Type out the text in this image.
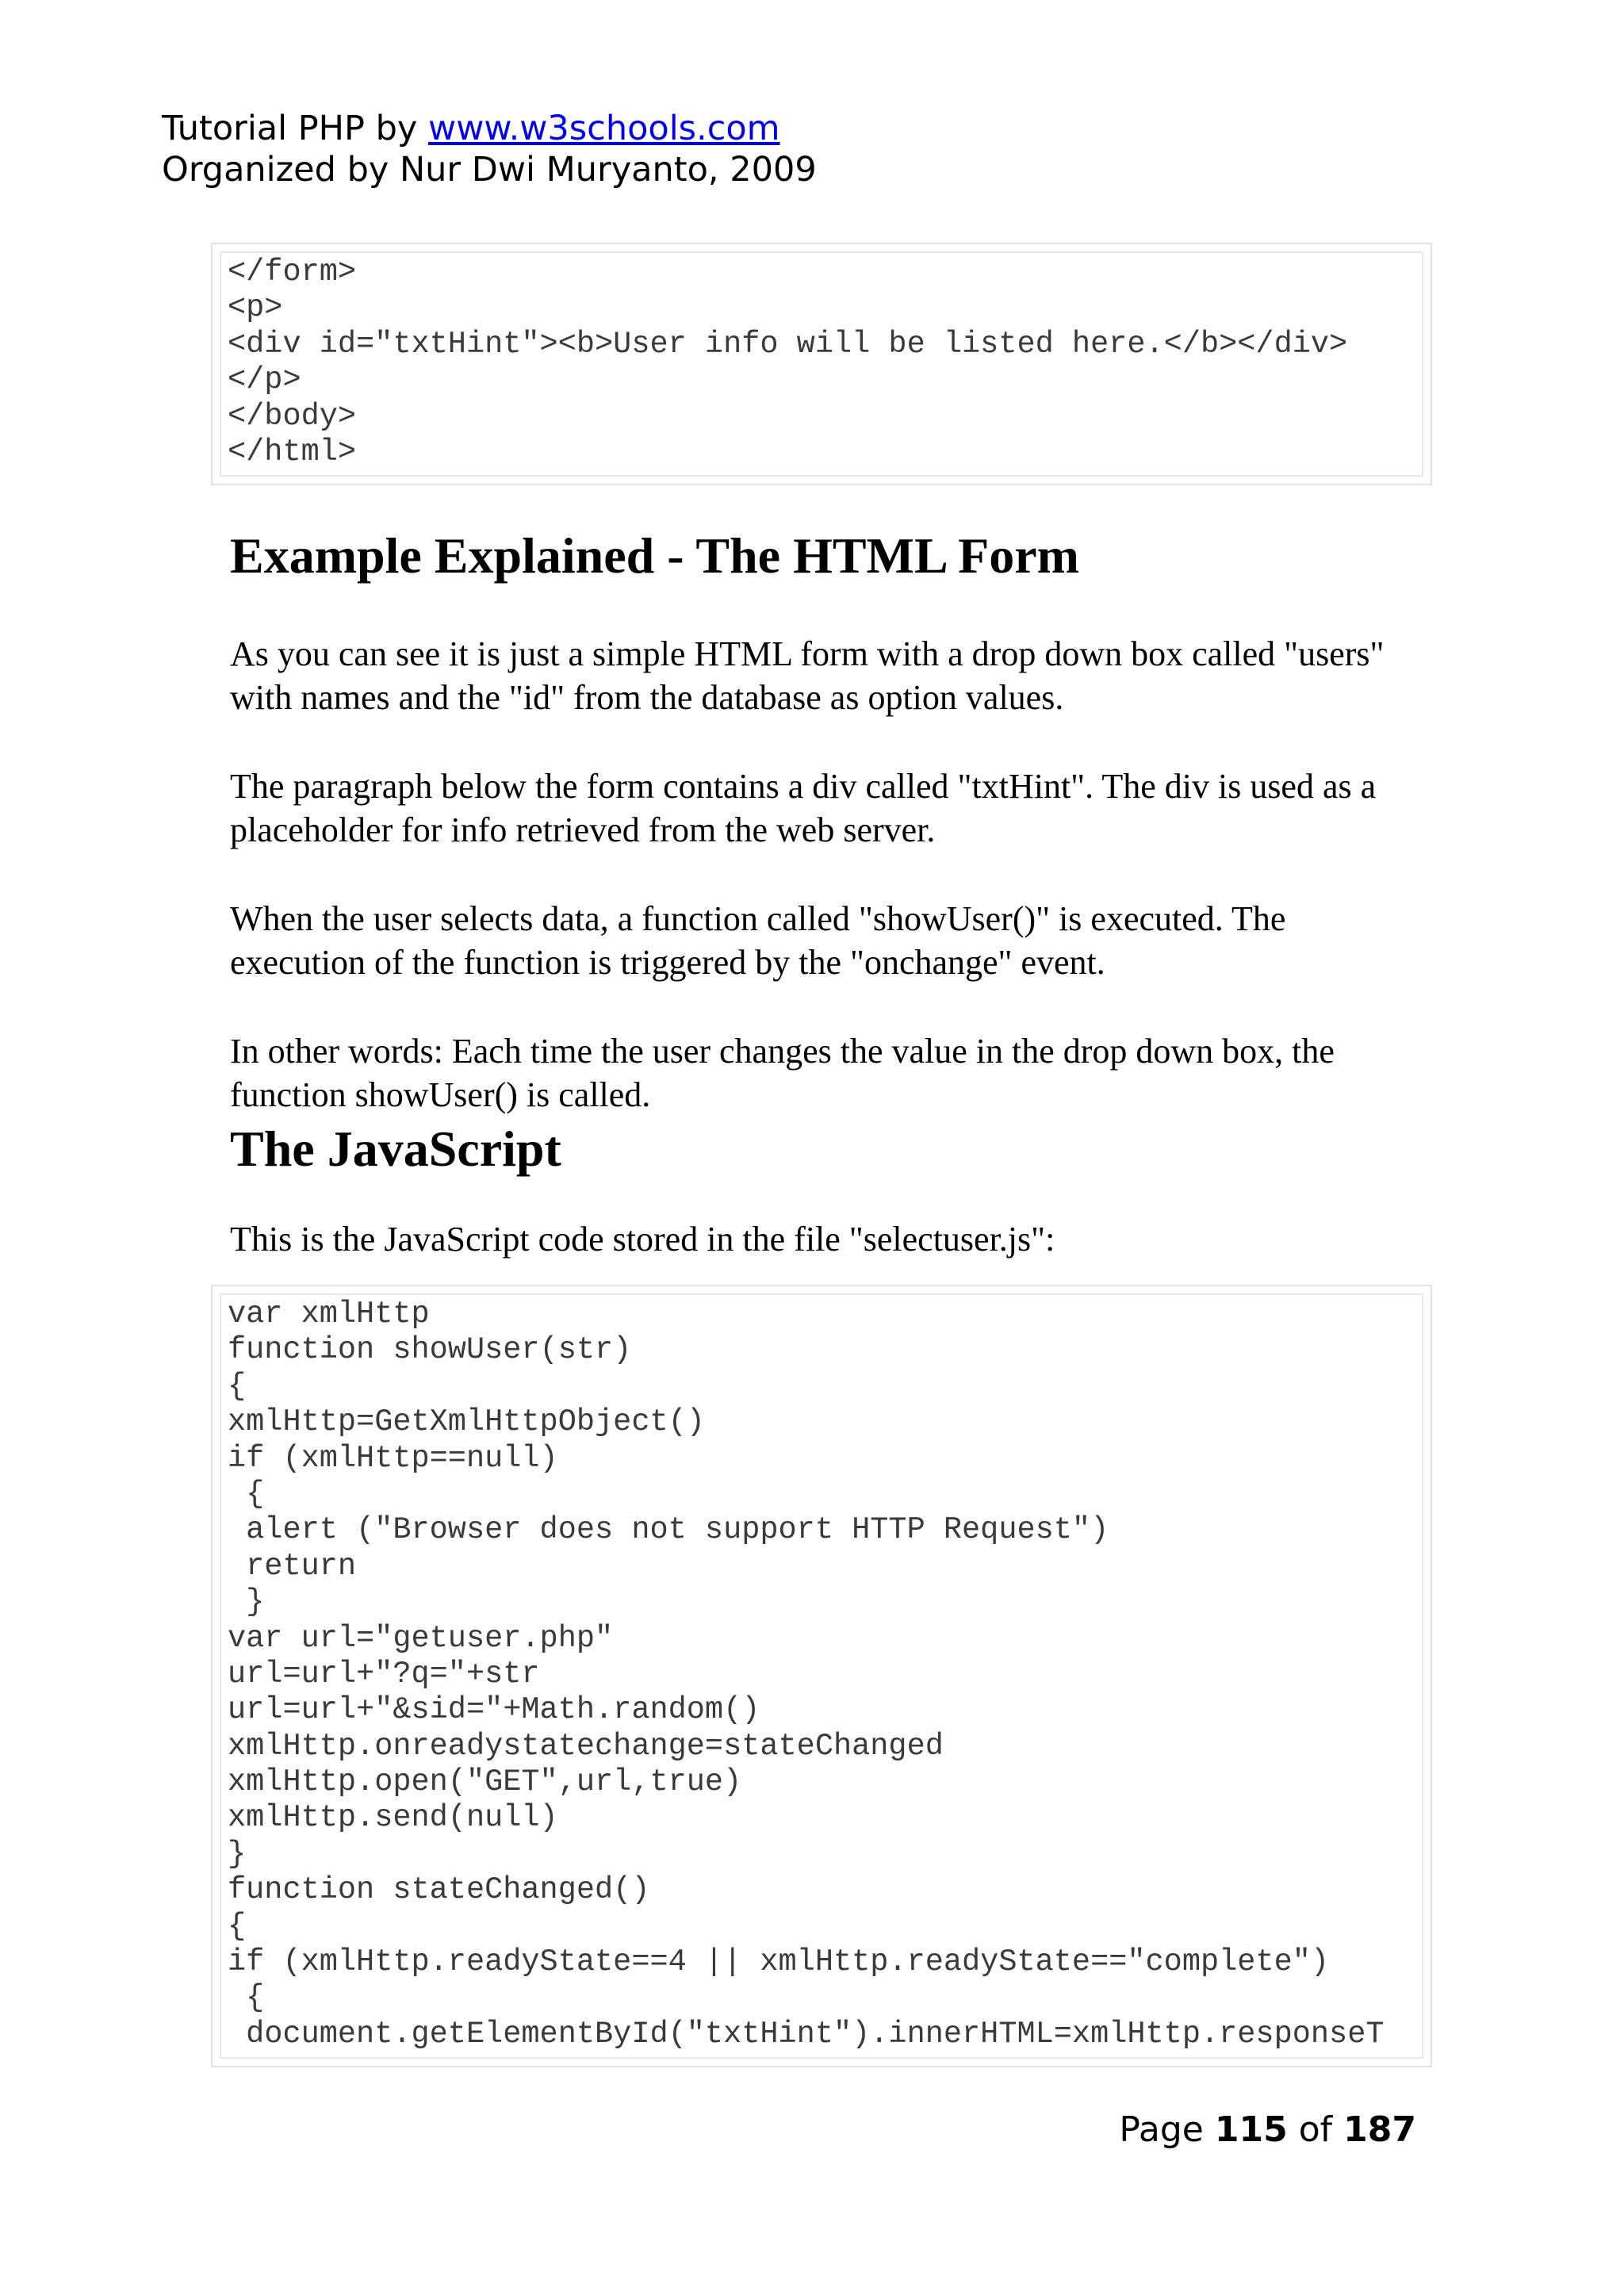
Tutorial PHP by www.w3schools.com
Organized by Nur Dwi Muryanto, 2009
</form>
<p>
<div id="txtHint"><b>User info will be listed here.</b></div>
</p>
</body>
</html>
Example Explained - The HTML Form

As you can see it is just a simple HTML form with a drop down box called "users" with names and the "id" from the database as option values.

The paragraph below the form contains a div called "txtHint". The div is used as a placeholder for info retrieved from the web server.

When the user selects data, a function called "showUser()" is executed. The execution of the function is triggered by the "onchange" event.

In other words: Each time the user changes the value in the drop down box, the function showUser() is called.

The JavaScript

This is the JavaScript code stored in the file "selectuser.js":

var xmlHttp
function showUser(str)
{
xmlHttp=GetXmlHttpObject()
if (xmlHttp==null)
{
alert ("Browser does not support HTTP Request")
return
}
var url="getuser.php"
url=url+"?q="+str
url=url+"&sid="+Math.random()
xmlHttp.onreadystatechange=stateChanged
xmlHttp.open("GET",url,true)
xmlHttp.send(null)
}
function stateChanged()
{
if (xmlHttp.readyState==4 || xmlHttp.readyState=="complete")
{
document.getElementById("txtHint").innerHTML=xmlHttp.responseT
Page 115 of 187
